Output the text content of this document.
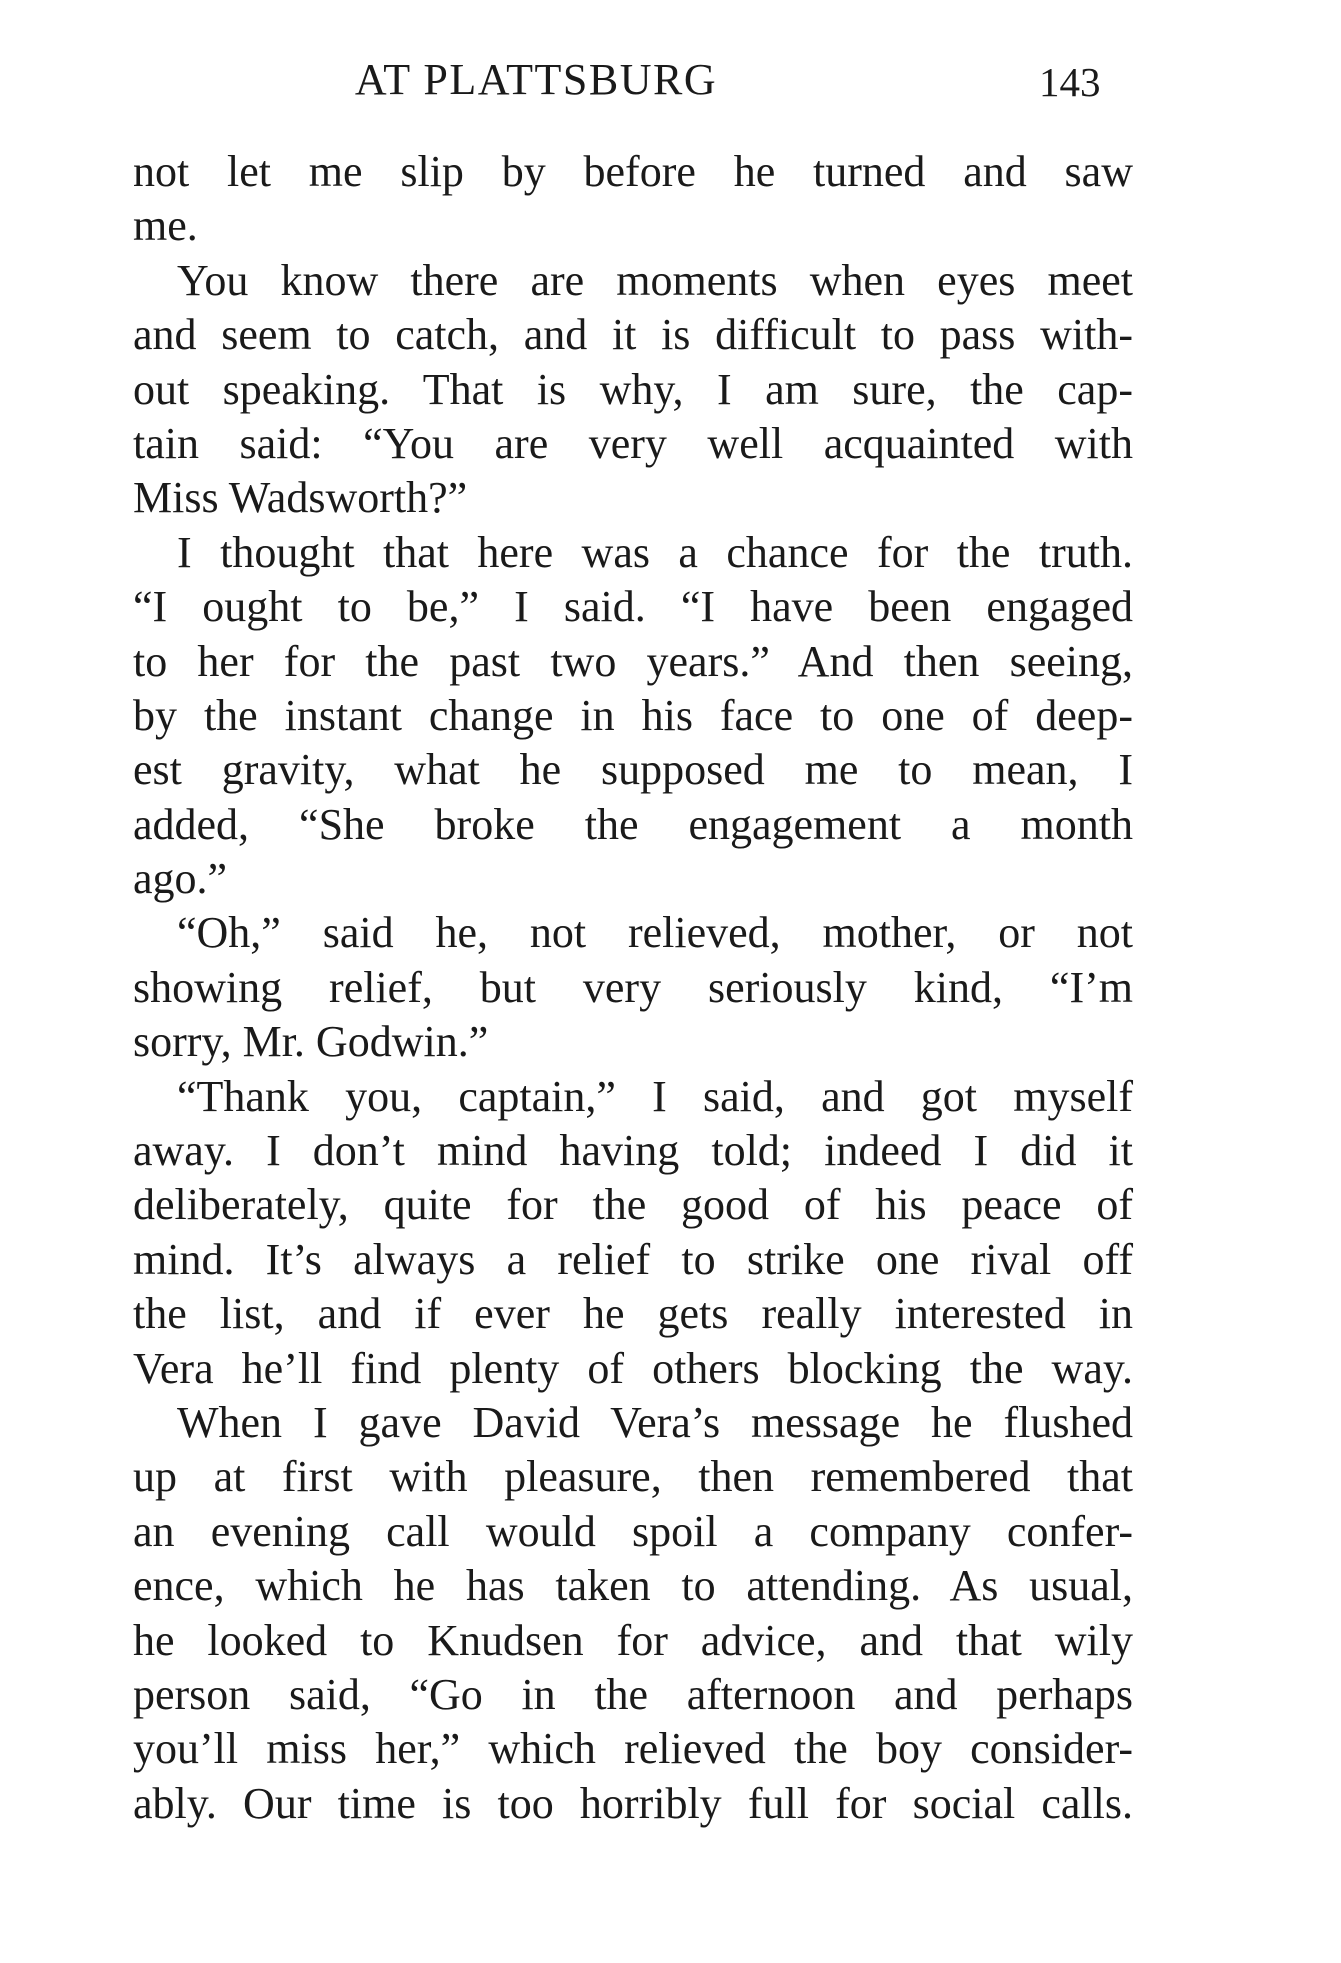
AT PLATTSBURG	143
not let me slip by before he turned and saw
me.
You know there are moments when eyes meet
and seem to catch, and it is difficult to pass with-
out speaking. That is why, I am sure, the cap-
tain said: “You are very well acquainted with
Miss Wadsworth?”
I thought that here was a chance for the truth.
“I ought to be,” I said. “I have been engaged
to her for the past two years.” And then seeing,
by the instant change in his face to one of deep-
est gravity, what he supposed me to mean, I
added, “She broke the engagement a month
ago.”
“Oh,” said he, not relieved, mother, or not
showing relief, but very seriously kind, “I’m
sorry, Mr. Godwin.”
“Thank you, captain,” I said, and got myself
away. I don’t mind having told; indeed I did it
deliberately, quite for the good of his peace of
mind. It’s always a relief to strike one rival off
the list, and if ever he gets really interested in
Vera he’ll find plenty of others blocking the way.
When I gave David Vera’s message he flushed
up at first with pleasure, then remembered that
an evening call would spoil a company confer-
ence, which he has taken to attending. As usual,
he looked to Knudsen for advice, and that wily
person said, “Go in the afternoon and perhaps
you’ll miss her,” which relieved the boy consider-
ably. Our time is too horribly full for social calls.
